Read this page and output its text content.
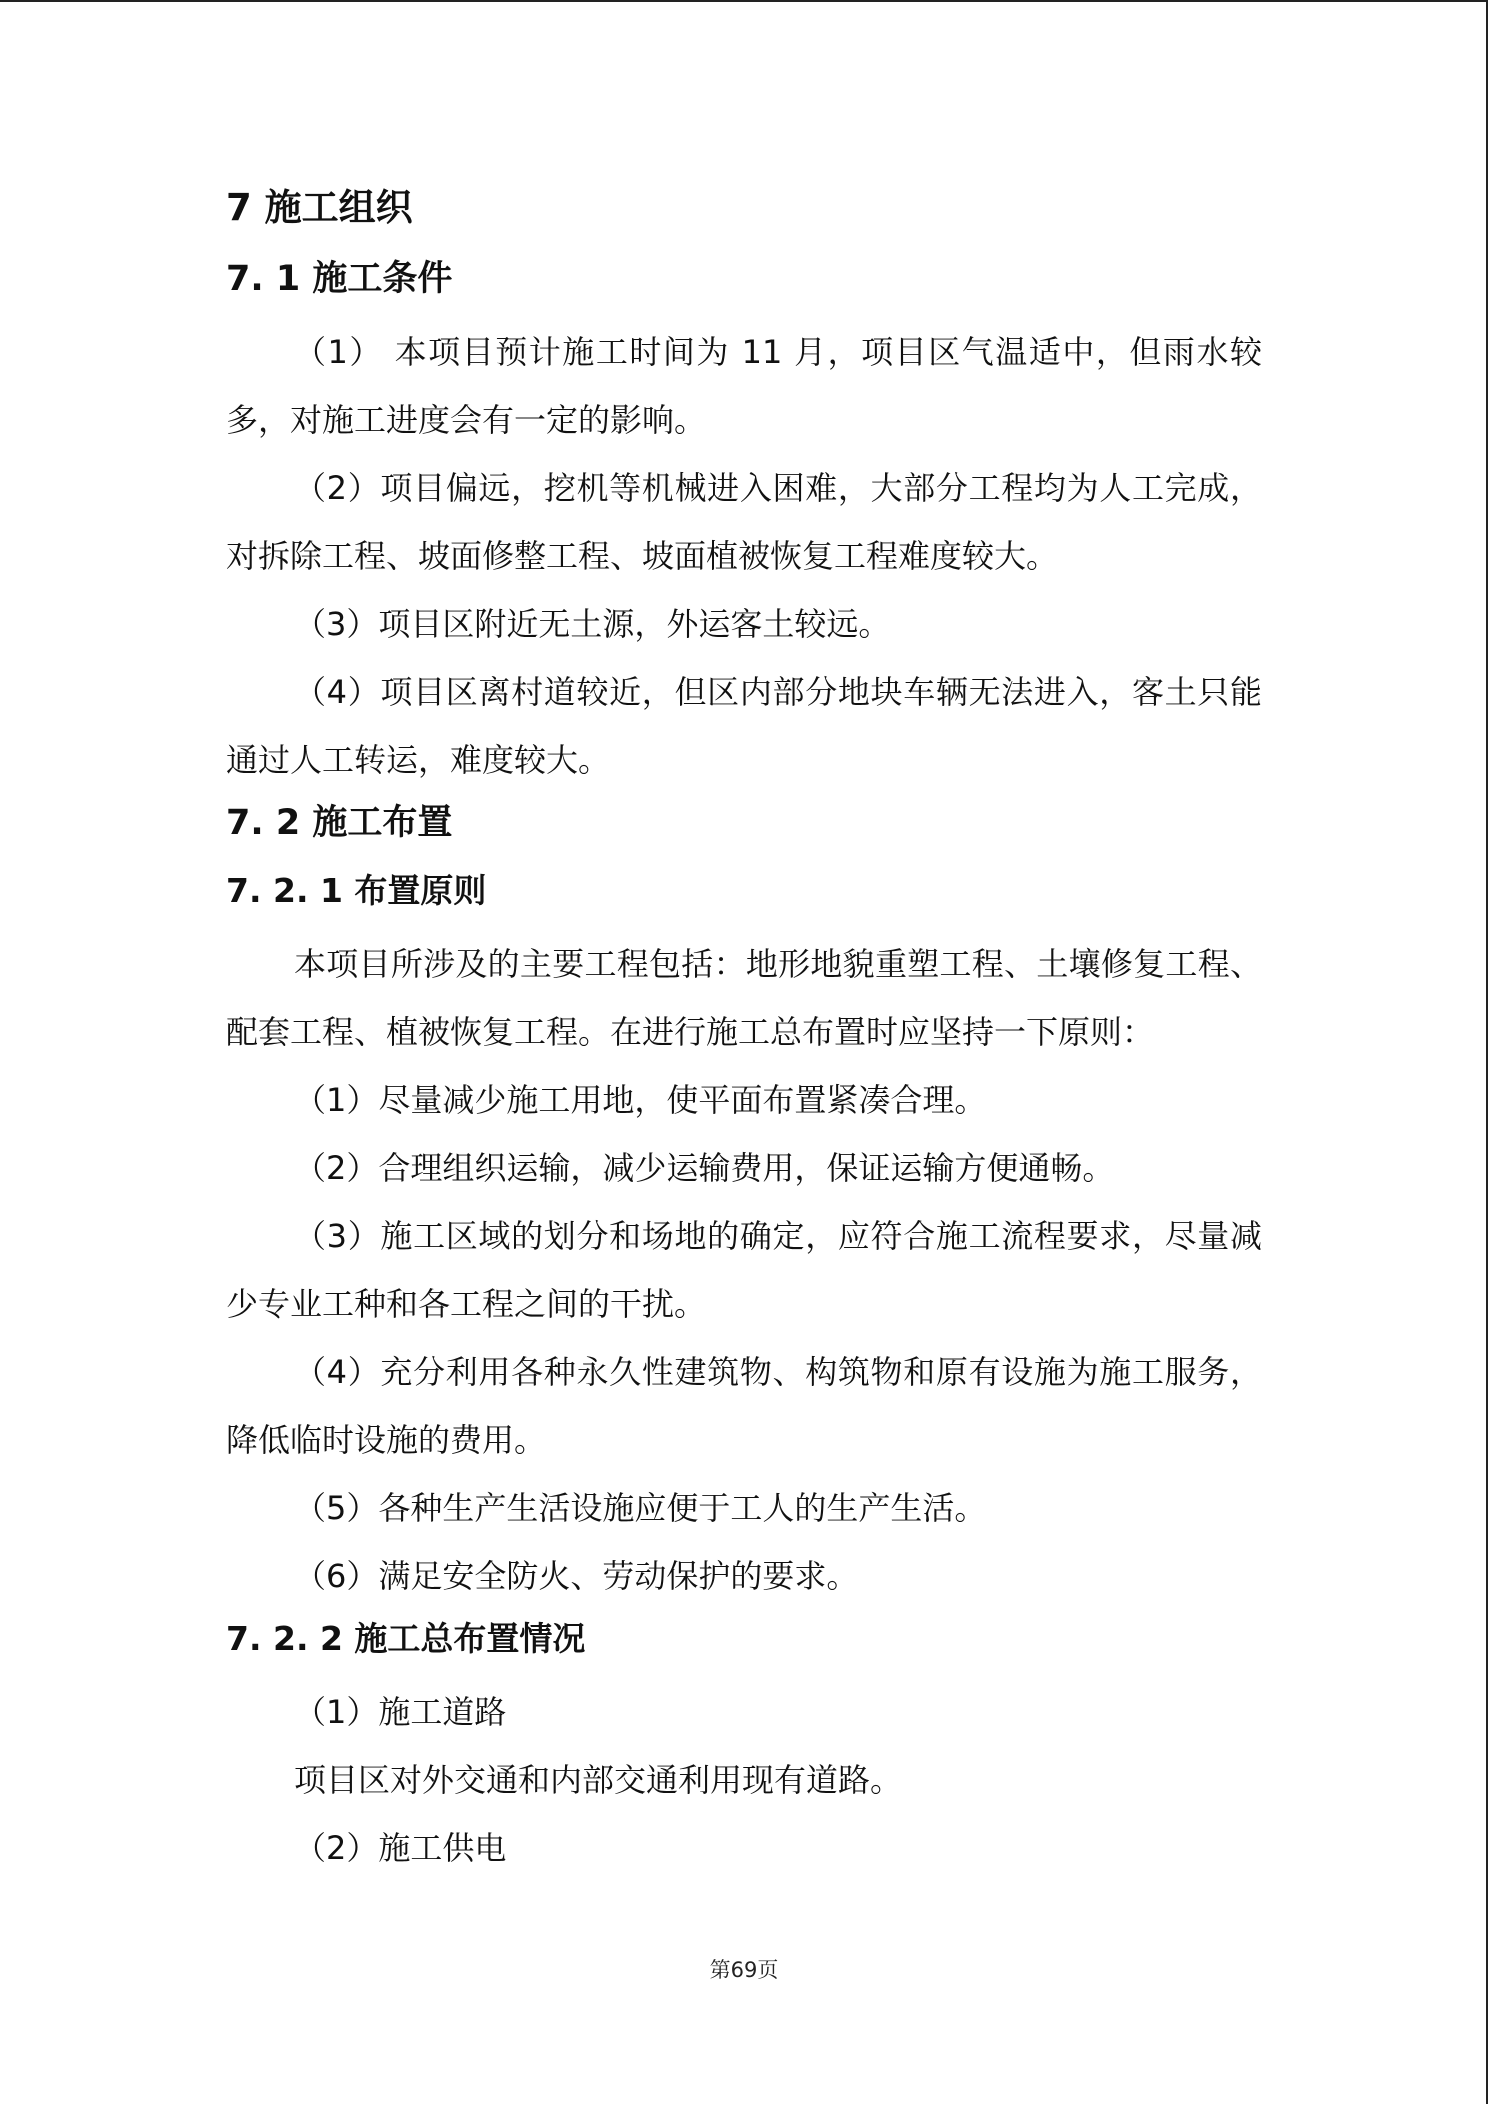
7 施工组织
7. 1 施工条件

（1） 本项目预计施工时间为 11 月，项目区气温适中，但雨水较多，对施工进度会有一定的影响。

（2）项目偏远，挖机等机械进入困难，大部分工程均为人工完成，对拆除工程、坡面修整工程、坡面植被恢复工程难度较大。

（3）项目区附近无土源，外运客土较远。

（4）项目区离村道较近，但区内部分地块车辆无法进入，客土只能通过人工转运，难度较大。

7. 2 施工布置
7. 2. 1 布置原则

本项目所涉及的主要工程包括：地形地貌重塑工程、土壤修复工程、配套工程、植被恢复工程。在进行施工总布置时应坚持一下原则：

（1）尽量减少施工用地，使平面布置紧凑合理。

（2）合理组织运输，减少运输费用，保证运输方便通畅。

（3）施工区域的划分和场地的确定，应符合施工流程要求，尽量减少专业工种和各工程之间的干扰。

（4）充分利用各种永久性建筑物、构筑物和原有设施为施工服务，降低临时设施的费用。

（5）各种生产生活设施应便于工人的生产生活。

（6）满足安全防火、劳动保护的要求。

7. 2. 2 施工总布置情况

（1）施工道路

项目区对外交通和内部交通利用现有道路。

（2）施工供电

第69页
